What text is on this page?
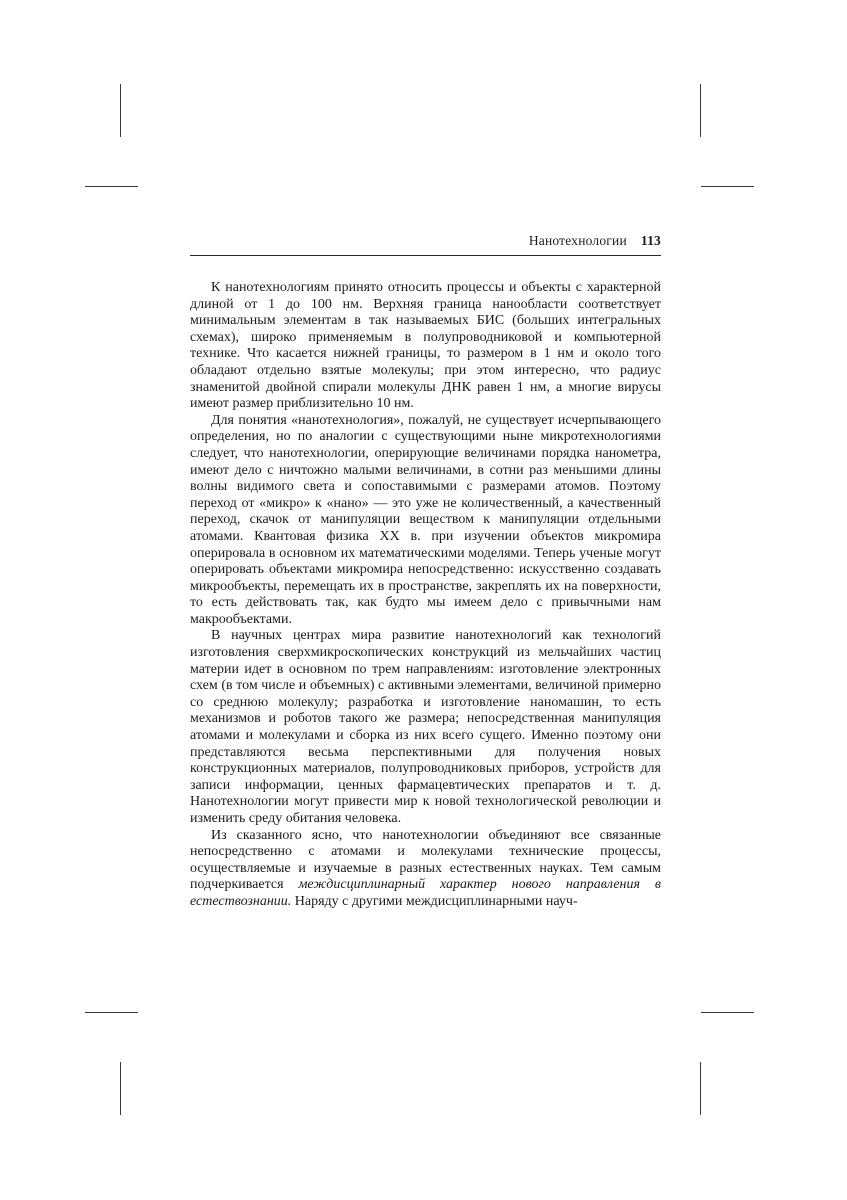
Нанотехнологии 113

К нанотехнологиям принято относить процессы и объекты с характерной длиной от 1 до 100 нм. Верхняя граница нанообласти соответствует минимальным элементам в так называемых БИС (больших интегральных схемах), широко применяемым в полупроводниковой и компьютерной технике. Что касается нижней границы, то размером в 1 нм и около того обладают отдельно взятые молекулы; при этом интересно, что радиус знаменитой двойной спирали молекулы ДНК равен 1 нм, а многие вирусы имеют размер приблизительно 10 нм.

Для понятия «нанотехнология», пожалуй, не существует исчерпывающего определения, но по аналогии с существующими ныне микротехнологиями следует, что нанотехнологии, оперирующие величинами порядка нанометра, имеют дело с ничтожно малыми величинами, в сотни раз меньшими длины волны видимого света и сопоставимыми с размерами атомов. Поэтому переход от «микро» к «нано» — это уже не количественный, а качественный переход, скачок от манипуляции веществом к манипуляции отдельными атомами. Квантовая физика XX в. при изучении объектов микромира оперировала в основном их математическими моделями. Теперь ученые могут оперировать объектами микромира непосредственно: искусственно создавать микрообъекты, перемещать их в пространстве, закреплять их на поверхности, то есть действовать так, как будто мы имеем дело с привычными нам макрообъектами.

В научных центрах мира развитие нанотехнологий как технологий изготовления сверхмикроскопических конструкций из мельчайших частиц материи идет в основном по трем направлениям: изготовление электронных схем (в том числе и объемных) с активными элементами, величиной примерно со среднюю молекулу; разработка и изготовление наномашин, то есть механизмов и роботов такого же размера; непосредственная манипуляция атомами и молекулами и сборка из них всего сущего. Именно поэтому они представляются весьма перспективными для получения новых конструкционных материалов, полупроводниковых приборов, устройств для записи информации, ценных фармацевтических препаратов и т. д. Нанотехнологии могут привести мир к новой технологической революции и изменить среду обитания человека.

Из сказанного ясно, что нанотехнологии объединяют все связанные непосредственно с атомами и молекулами технические процессы, осуществляемые и изучаемые в разных естественных науках. Тем самым подчеркивается междисциплинарный характер нового направления в естествознании. Наряду с другими междисциплинарными науч-
